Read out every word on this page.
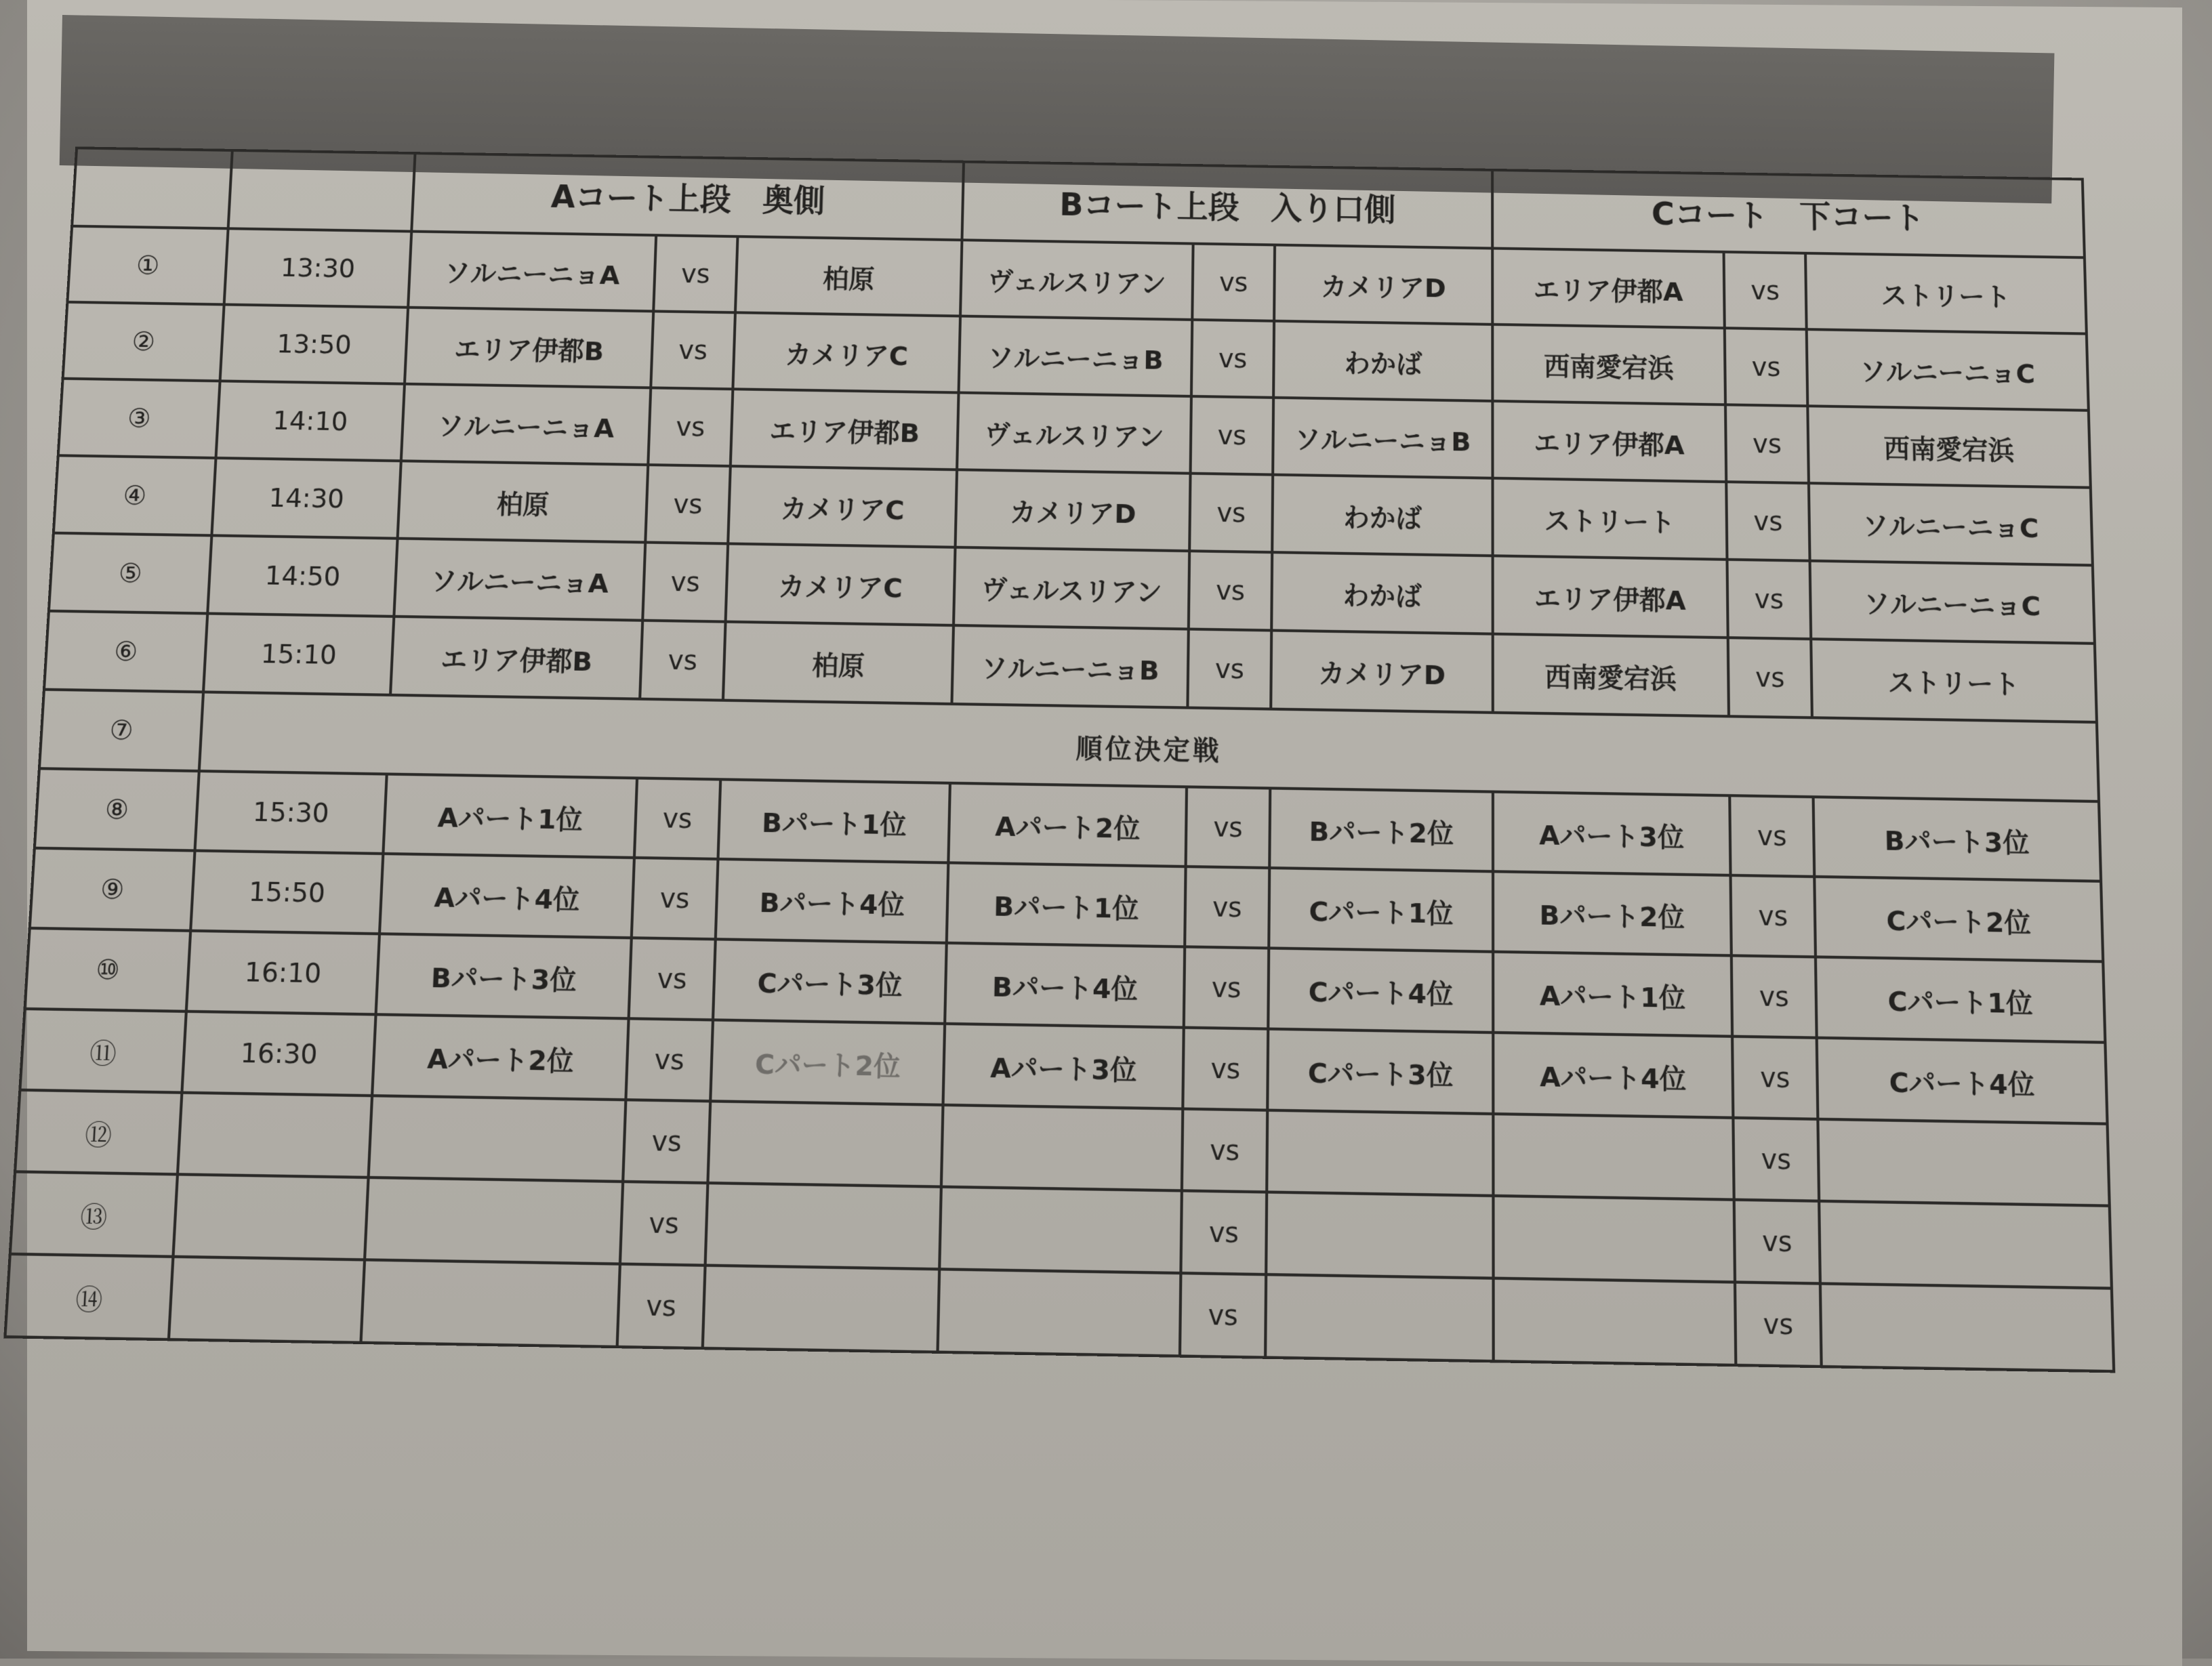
		Aコート上段　奥側			Bコート上段　入り口側			Cコート　下コート		
①	13:30	ソルニーニョA	vs	柏原	ヴェルスリアン	vs	カメリアD	エリア伊都A	vs	ストリート
②	13:50	エリア伊都B	vs	カメリアC	ソルニーニョB	vs	わかば	西南愛宕浜	vs	ソルニーニョC
③	14:10	ソルニーニョA	vs	エリア伊都B	ヴェルスリアン	vs	ソルニーニョB	エリア伊都A	vs	西南愛宕浜
④	14:30	柏原	vs	カメリアC	カメリアD	vs	わかば	ストリート	vs	ソルニーニョC
⑤	14:50	ソルニーニョA	vs	カメリアC	ヴェルスリアン	vs	わかば	エリア伊都A	vs	ソルニーニョC
⑥	15:10	エリア伊都B	vs	柏原	ソルニーニョB	vs	カメリアD	西南愛宕浜	vs	ストリート
⑦	順位決定戦									
⑧	15:30	Aパート1位	vs	Bパート1位	Aパート2位	vs	Bパート2位	Aパート3位	vs	Bパート3位
⑨	15:50	Aパート4位	vs	Bパート4位	Bパート1位	vs	Cパート1位	Bパート2位	vs	Cパート2位
⑩	16:10	Bパート3位	vs	Cパート3位	Bパート4位	vs	Cパート4位	Aパート1位	vs	Cパート1位
⑪	16:30	Aパート2位	vs	Cパート2位	Aパート3位	vs	Cパート3位	Aパート4位	vs	Cパート4位
⑫			vs			vs			vs	
⑬			vs			vs			vs	
⑭			vs			vs			vs	
